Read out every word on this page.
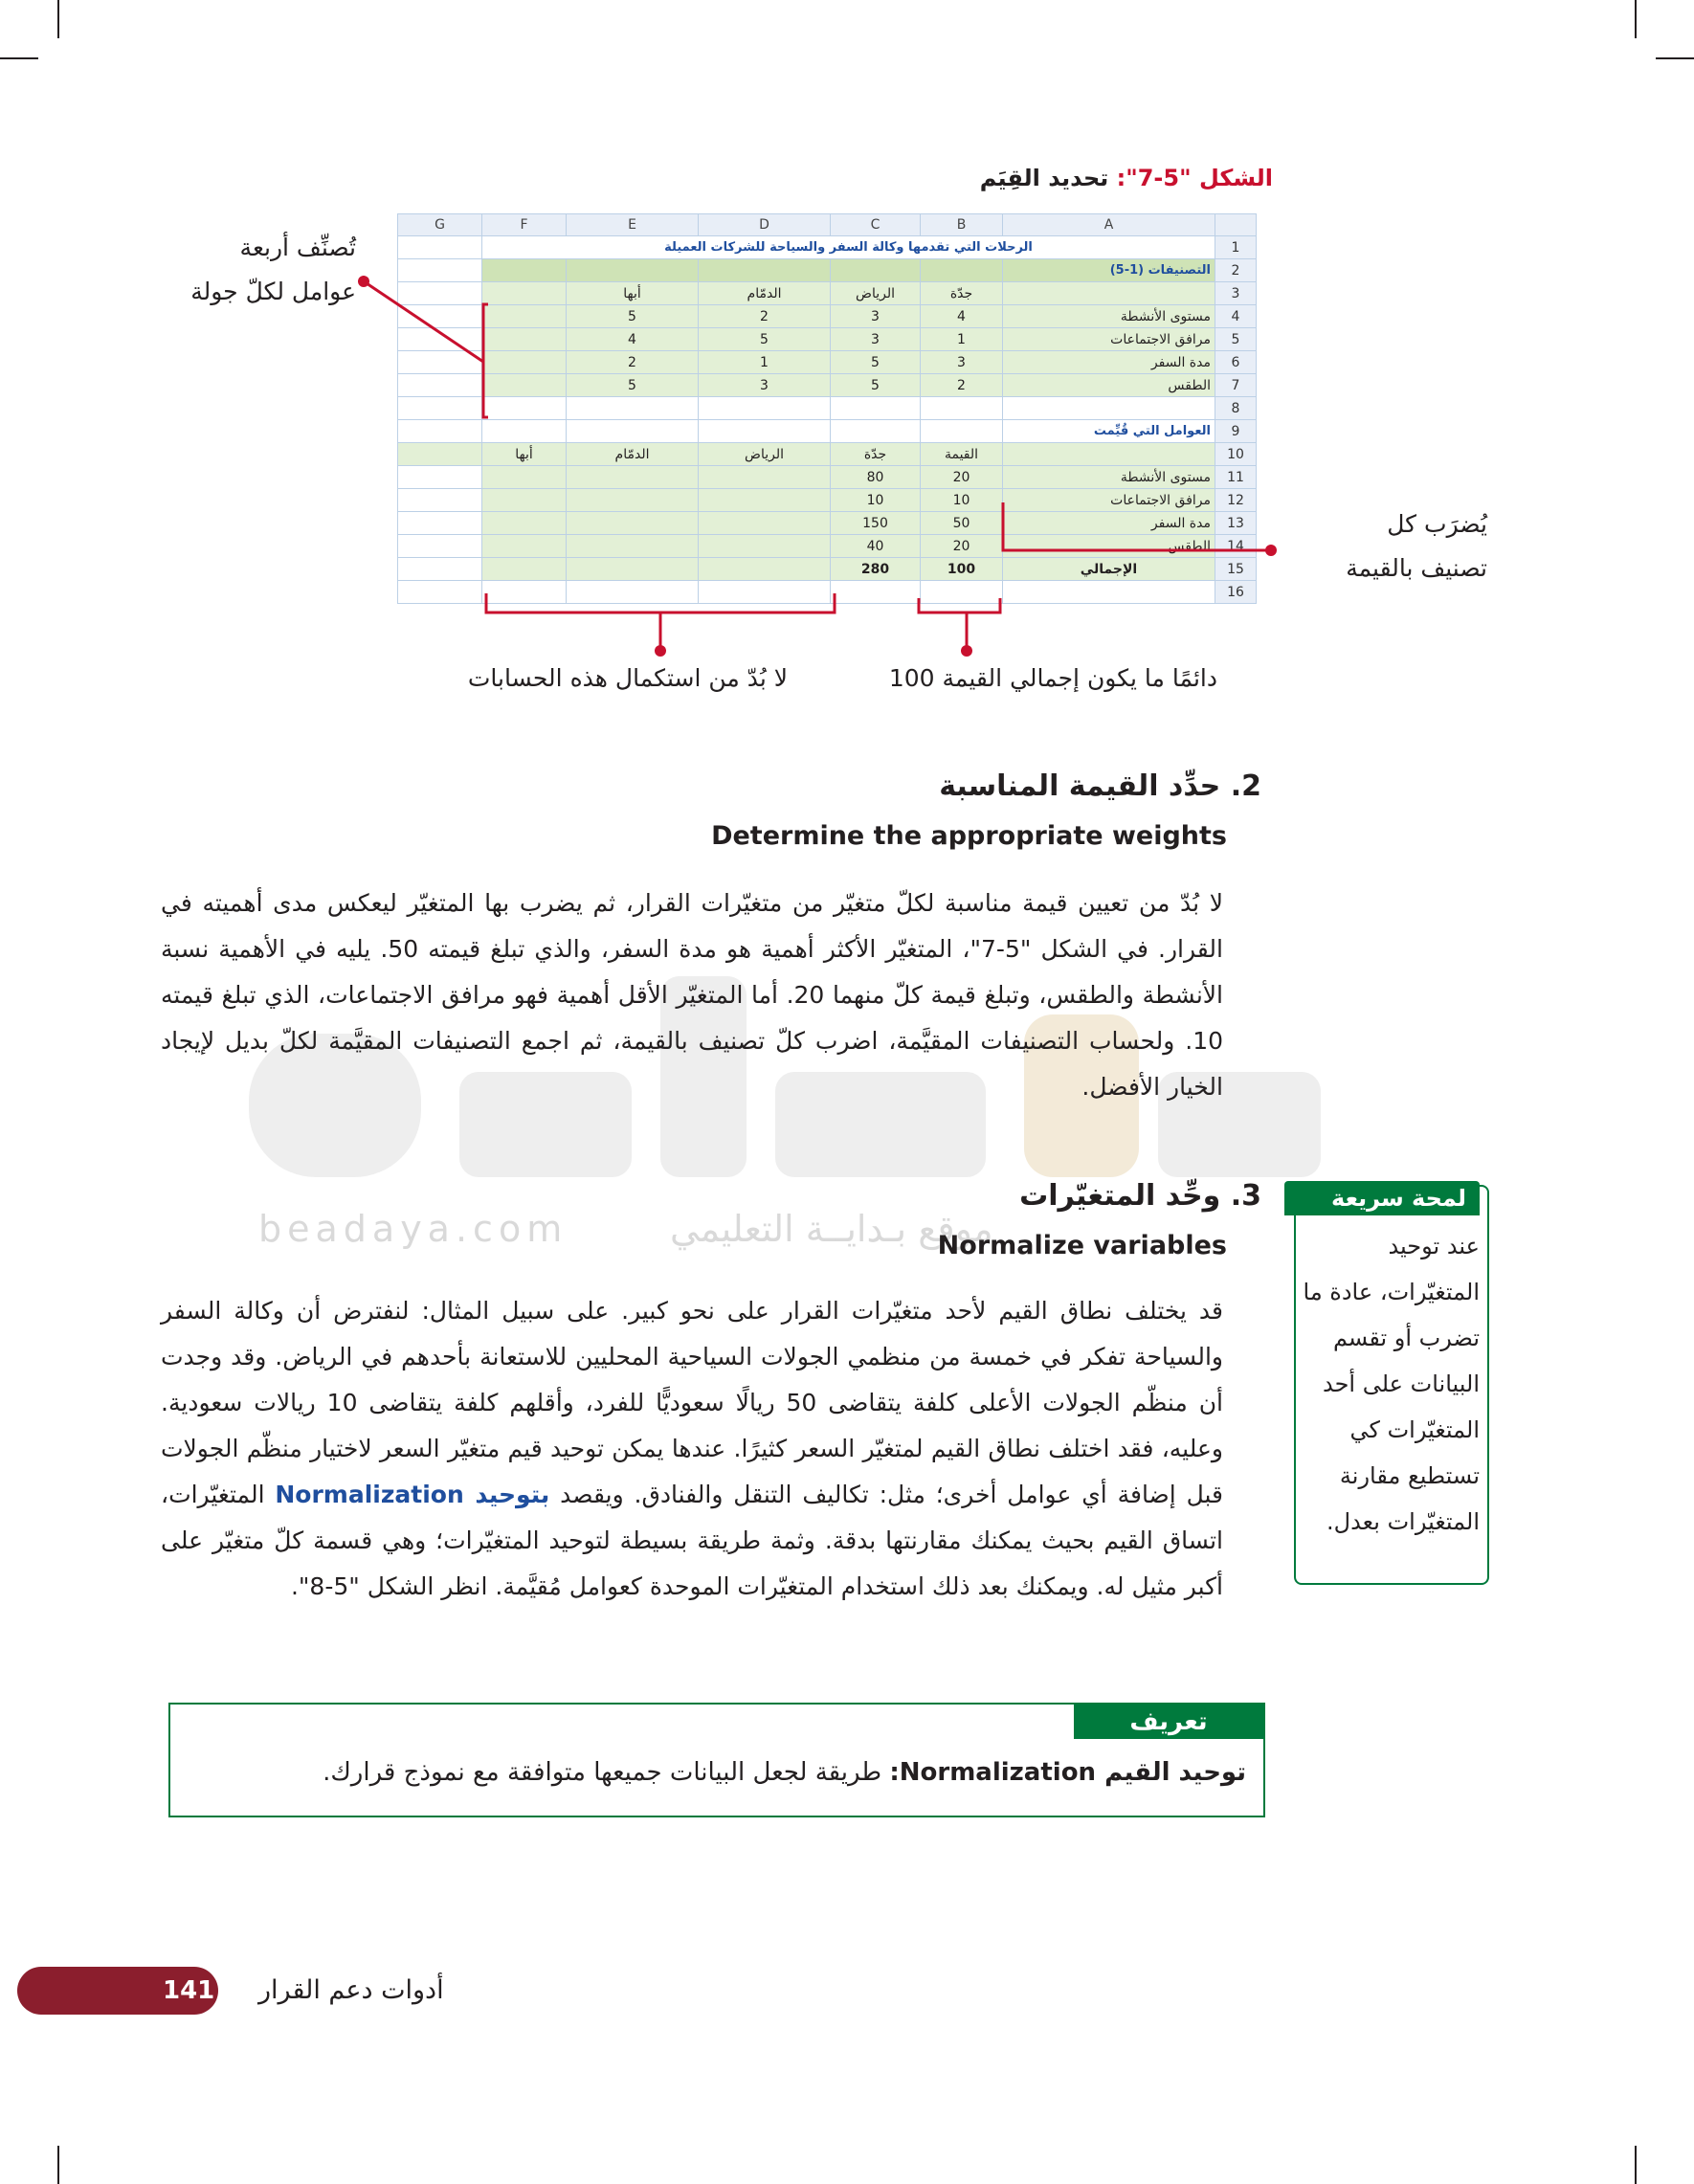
beadaya.com	موقع بـدايــة التعليمي
الشكل "5-7": تحديد القِيَم
G	F	E	D	C	B	A	
	الرحلات التي تقدمها وكالة السفر والسياحة للشركات العميلة						1
						التصنيفات (1-5)	2
		أبها	الدمّام	الرياض	جدّة		3
		5	2	3	4	مستوى الأنشطة	4
		4	5	3	1	مرافق الاجتماعات	5
		2	1	5	3	مدة السفر	6
		5	3	5	2	الطقس	7
							8
						العوامل التي قُيِّمت	9
	أبها	الدمّام	الرياض	جدّة	القيمة		10
				80	20	مستوى الأنشطة	11
				10	10	مرافق الاجتماعات	12
				150	50	مدة السفر	13
				40	20	الطقس	14
				280	100	الإجمالي	15
							16
تُصنِّف أربعة
عوامل لكلّ جولة
يُضرَب كل
تصنيف بالقيمة
لا بُدّ من استكمال هذه الحسابات	دائمًا ما يكون إجمالي القيمة 100
2. حدِّد القيمة المناسبة
Determine the appropriate weights
لا بُدّ من تعيين قيمة مناسبة لكلّ متغيّر من متغيّرات القرار، ثم يضرب بها المتغيّر ليعكس مدى أهميته في القرار. في الشكل "5-7"، المتغيّر الأكثر أهمية هو مدة السفر، والذي تبلغ قيمته 50. يليه في الأهمية نسبة الأنشطة والطقس، وتبلغ قيمة كلّ منهما 20. أما المتغيّر الأقل أهمية فهو مرافق الاجتماعات، الذي تبلغ قيمته 10. ولحساب التصنيفات المقيَّمة، اضرب كلّ تصنيف بالقيمة، ثم اجمع التصنيفات المقيَّمة لكلّ بديل لإيجاد الخيار الأفضل.
3. وحِّد المتغيّرات
Normalize variables
قد يختلف نطاق القيم لأحد متغيّرات القرار على نحو كبير. على سبيل المثال: لنفترض أن وكالة السفر والسياحة تفكر في خمسة من منظمي الجولات السياحية المحليين للاستعانة بأحدهم في الرياض. وقد وجدت أن منظّم الجولات الأعلى كلفة يتقاضى 50 ريالًا سعوديًّا للفرد، وأقلهم كلفة يتقاضى 10 ريالات سعودية. وعليه، فقد اختلف نطاق القيم لمتغيّر السعر كثيرًا. عندها يمكن توحيد قيم متغيّر السعر لاختيار منظّم الجولات قبل إضافة أي عوامل أخرى؛ مثل: تكاليف التنقل والفنادق. ويقصد بتوحيد Normalization المتغيّرات، اتساق القيم بحيث يمكنك مقارنتها بدقة. وثمة طريقة بسيطة لتوحيد المتغيّرات؛ وهي قسمة كلّ متغيّر على أكبر مثيل له. ويمكنك بعد ذلك استخدام المتغيّرات الموحدة كعوامل مُقيَّمة. انظر الشكل "5-8".
لمحة سريعة
عند توحيد المتغيّرات، عادة ما تضرب أو تقسم البيانات على أحد المتغيّرات كي تستطيع مقارنة المتغيّرات بعدل.
تعريف
توحيد القيم Normalization: طريقة لجعل البيانات جميعها متوافقة مع نموذج قرارك.
141 أدوات دعم القرار
